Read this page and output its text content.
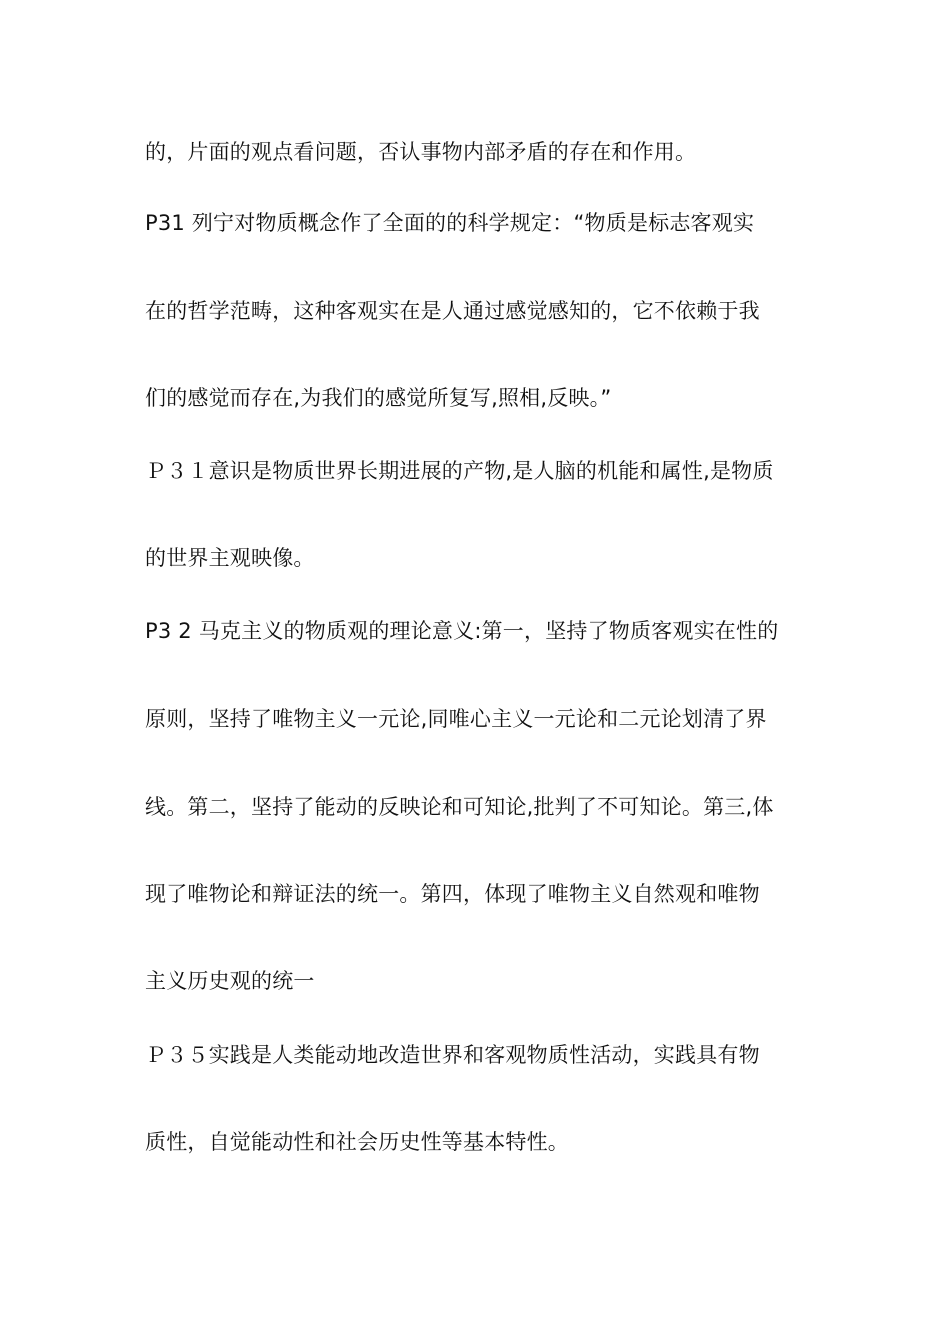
的，片面的观点看问题，否认事物内部矛盾的存在和作用。
P31 列宁对物质概念作了全面的的科学规定：“物质是标志客观实
在的哲学范畴，这种客观实在是人通过感觉感知的，它不依赖于我
们的感觉而存在,为我们的感觉所复写,照相,反映。”
Ｐ３１意识是物质世界长期进展的产物,是人脑的机能和属性,是物质
的世界主观映像。
P3 2 马克主义的物质观的理论意义:第一，坚持了物质客观实在性的
原则，坚持了唯物主义一元论,同唯心主义一元论和二元论划清了界
线。第二，坚持了能动的反映论和可知论,批判了不可知论。第三,体
现了唯物论和辩证法的统一。第四，体现了唯物主义自然观和唯物
主义历史观的统一
Ｐ３５实践是人类能动地改造世界和客观物质性活动，实践具有物
质性，自觉能动性和社会历史性等基本特性。
